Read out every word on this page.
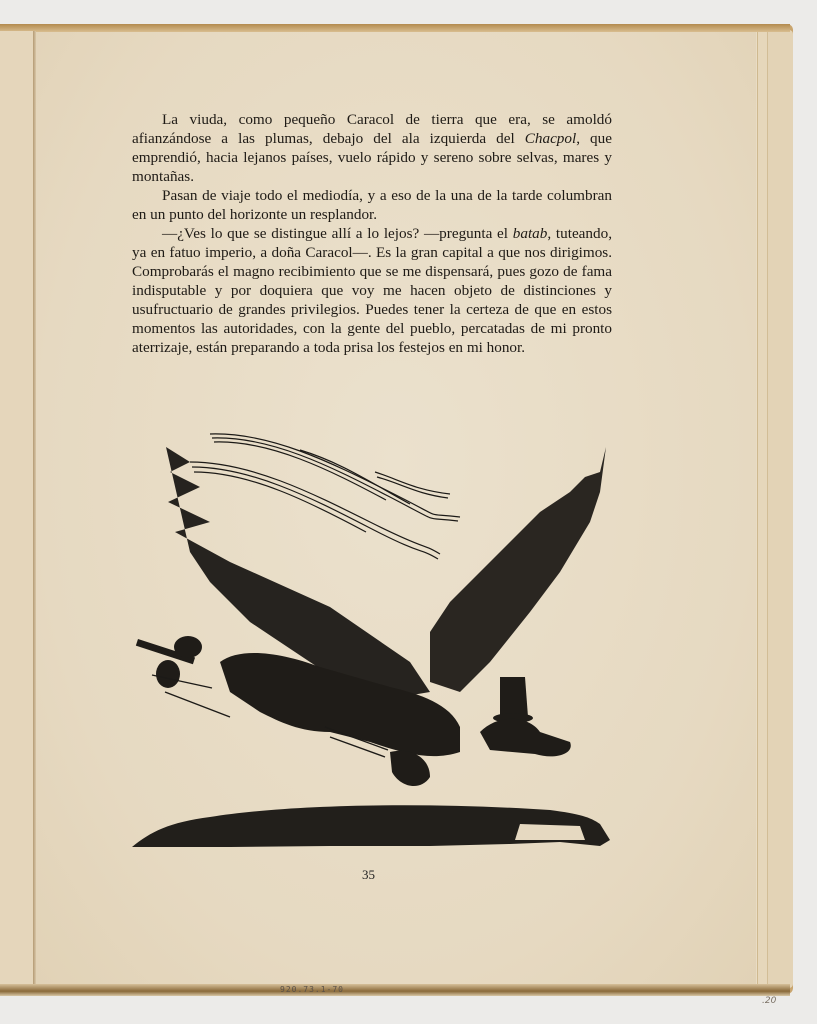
La viuda, como pequeño Caracol de tierra que era, se amoldó afianzándose a las plumas, debajo del ala izquierda del Chacpol, que emprendió, hacia lejanos países, vuelo rápido y sereno sobre selvas, mares y montañas.

Pasan de viaje todo el mediodía, y a eso de la una de la tarde columbran en un punto del horizonte un resplandor.

—¿Ves lo que se distingue allí a lo lejos? —pregunta el batab, tuteando, ya en fatuo imperio, a doña Caracol—. Es la gran capital a que nos dirigimos. Comprobarás el magno recibimiento que se me dispensará, pues gozo de fama indisputable y por doquiera que voy me hacen objeto de distinciones y usufructuario de grandes privilegios. Puedes tener la certeza de que en estos momentos las autoridades, con la gente del pueblo, percatadas de mi pronto aterrizaje, están preparando a toda prisa los festejos en mi honor.

35
.20
920.73.1-70
